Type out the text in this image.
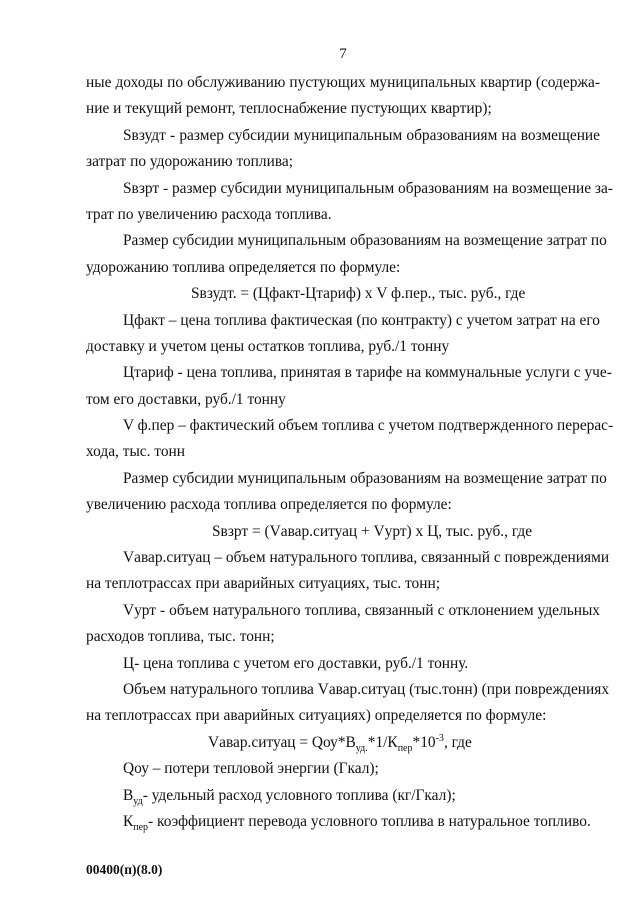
7
ные доходы по обслуживанию пустующих муниципальных квартир (содержа-
ние и текущий ремонт, теплоснабжение пустующих квартир);
Sвзудт - размер субсидии муниципальным образованиям на возмещение
затрат по удорожанию топлива;
Sвзрт - размер субсидии муниципальным образованиям на возмещение за-
трат по увеличению расхода топлива.
Размер субсидии муниципальным образованиям на возмещение затрат по
удорожанию топлива определяется по формуле:
Sвзудт. = (Цфакт-Цтариф) х V ф.пер., тыс. руб., где
Цфакт – цена топлива фактическая (по контракту) с учетом затрат на его
доставку и учетом цены остатков топлива, руб./1 тонну
Цтариф - цена топлива, принятая в тарифе на коммунальные услуги с уче-
том его доставки, руб./1 тонну
V ф.пер – фактический объем топлива с учетом подтвержденного перерас-
хода, тыс. тонн
Размер субсидии муниципальным образованиям на возмещение затрат по
увеличению расхода топлива определяется по формуле:
Sвзрт = (Vавар.ситуац + Vурт) х Ц, тыс. руб., где
Vавар.ситуац – объем натурального топлива, связанный с повреждениями
на теплотрассах при аварийных ситуациях, тыс. тонн;
Vурт - объем натурального топлива, связанный с отклонением удельных
расходов топлива, тыс. тонн;
Ц- цена топлива с учетом его доставки, руб./1 тонну.
Объем натурального топлива Vавар.ситуац (тыс.тонн) (при повреждениях
на теплотрассах при аварийных ситуациях) определяется по формуле:
Vавар.ситуац = $Qоу*В_{уд.}*1/К_{пер}*10^{-3}$, где
Qоу – потери тепловой энергии (Гкал);
$В_{уд}-$ удельный расход условного топлива (кг/Гкал);
$К_{пер}-$ коэффициент перевода условного топлива в натуральное топливо.
00400(п)(8.0)
